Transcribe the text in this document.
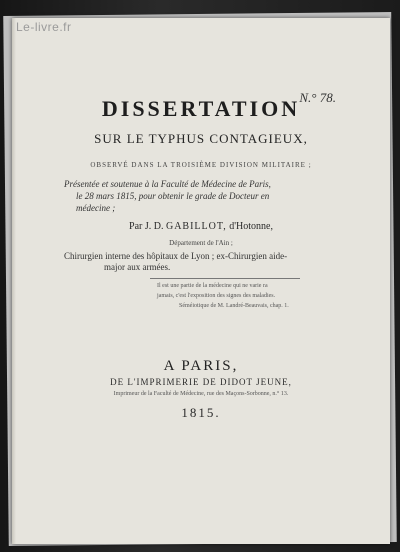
Le-livre.fr
DISSERTATION N.° 78.
SUR LE TYPHUS CONTAGIEUX,
OBSERVÉ DANS LA TROISIÈME DIVISION MILITAIRE ;
Présentée et soutenue à la Faculté de Médecine de Paris,
le 28 mars 1815, pour obtenir le grade de Docteur en
médecine ;
Par J. D. GABILLOT, d'Hotonne,
Département de l'Ain ;
Chirurgien interne des hôpitaux de Lyon ; ex-Chirurgien aide-
major aux armées.
Il est une partie de la médecine qui ne varie ra
jamais, c'est l'exposition des signes des maladies.
Séméiotique de M. Landré-Beauvais, chap. 1.
A PARIS,
DE L'IMPRIMERIE DE DIDOT JEUNE,
Imprimeur de la Faculté de Médecine, rue des Maçons-Sorbonne, n.° 13.
1815.
